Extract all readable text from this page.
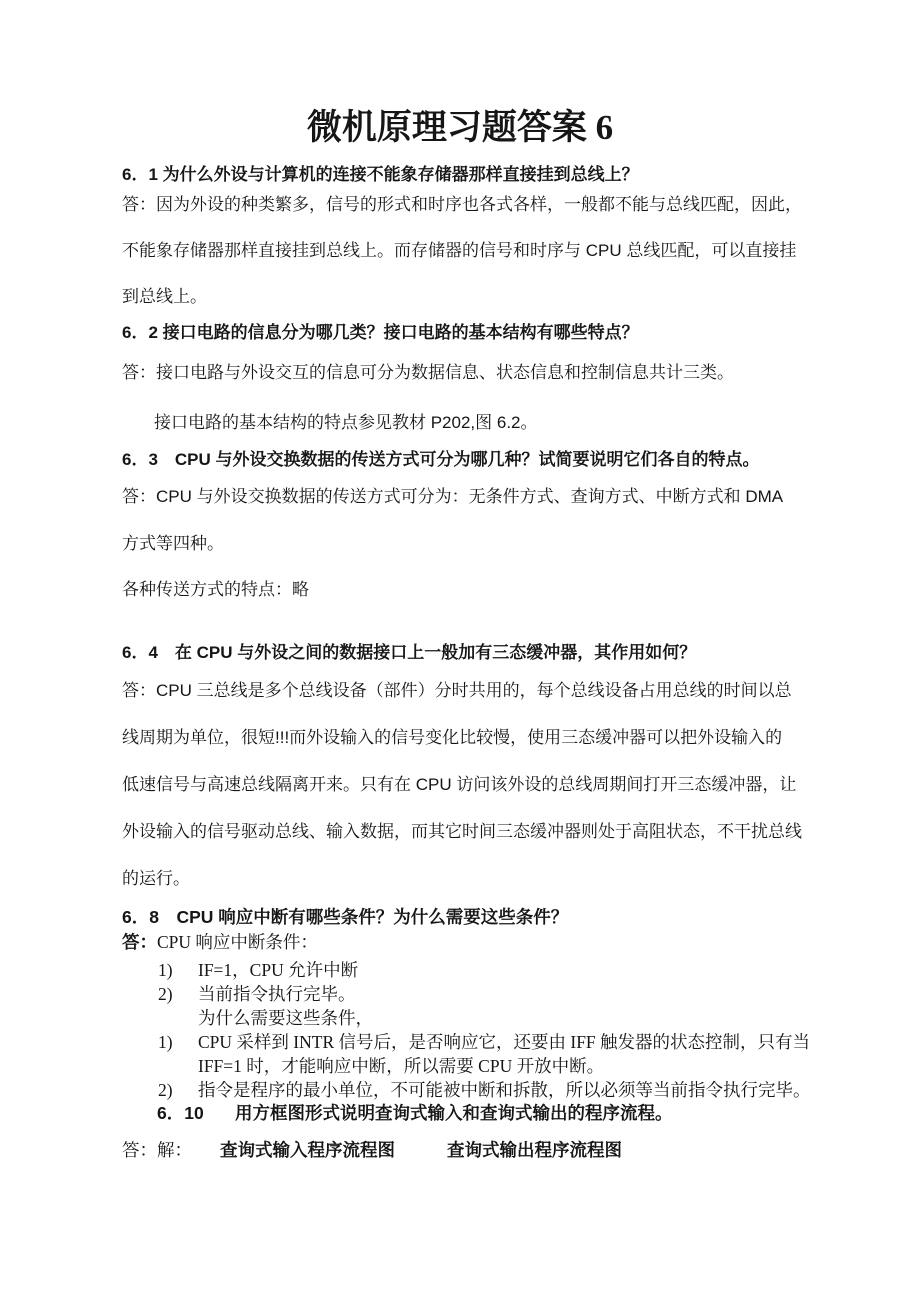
微机原理习题答案 6
6．1 为什么外设与计算机的连接不能象存储器那样直接挂到总线上？
答：因为外设的种类繁多，信号的形式和时序也各式各样，一般都不能与总线匹配，因此，
不能象存储器那样直接挂到总线上。而存储器的信号和时序与 CPU 总线匹配，可以直接挂
到总线上。
6．2 接口电路的信息分为哪几类？接口电路的基本结构有哪些特点？
答：接口电路与外设交互的信息可分为数据信息、状态信息和控制信息共计三类。
接口电路的基本结构的特点参见教材 P202,图 6.2。
6．3　CPU 与外设交换数据的传送方式可分为哪几种？试简要说明它们各自的特点。
答：CPU 与外设交换数据的传送方式可分为：无条件方式、查询方式、中断方式和 DMA
方式等四种。
各种传送方式的特点：略
6．4　在 CPU 与外设之间的数据接口上一般加有三态缓冲器，其作用如何？
答：CPU 三总线是多个总线设备（部件）分时共用的，每个总线设备占用总线的时间以总
线周期为单位，很短!!!而外设输入的信号变化比较慢，使用三态缓冲器可以把外设输入的
低速信号与高速总线隔离开来。只有在 CPU 访问该外设的总线周期间打开三态缓冲器，让
外设输入的信号驱动总线、输入数据，而其它时间三态缓冲器则处于高阻状态，不干扰总线
的运行。
6．8　CPU 响应中断有哪些条件？为什么需要这些条件？
答：CPU 响应中断条件：
1) IF=1，CPU 允许中断
2) 当前指令执行完毕。
为什么需要这些条件，
1) CPU 采样到 INTR 信号后，是否响应它，还要由 IFF 触发器的状态控制，只有当
IFF=1 时，才能响应中断，所以需要 CPU 开放中断。
2) 指令是程序的最小单位，不可能被中断和拆散，所以必须等当前指令执行完毕。
6．10 用方框图形式说明查询式输入和查询式输出的程序流程。
答：解： 查询式输入程序流程图	查询式输出程序流程图
